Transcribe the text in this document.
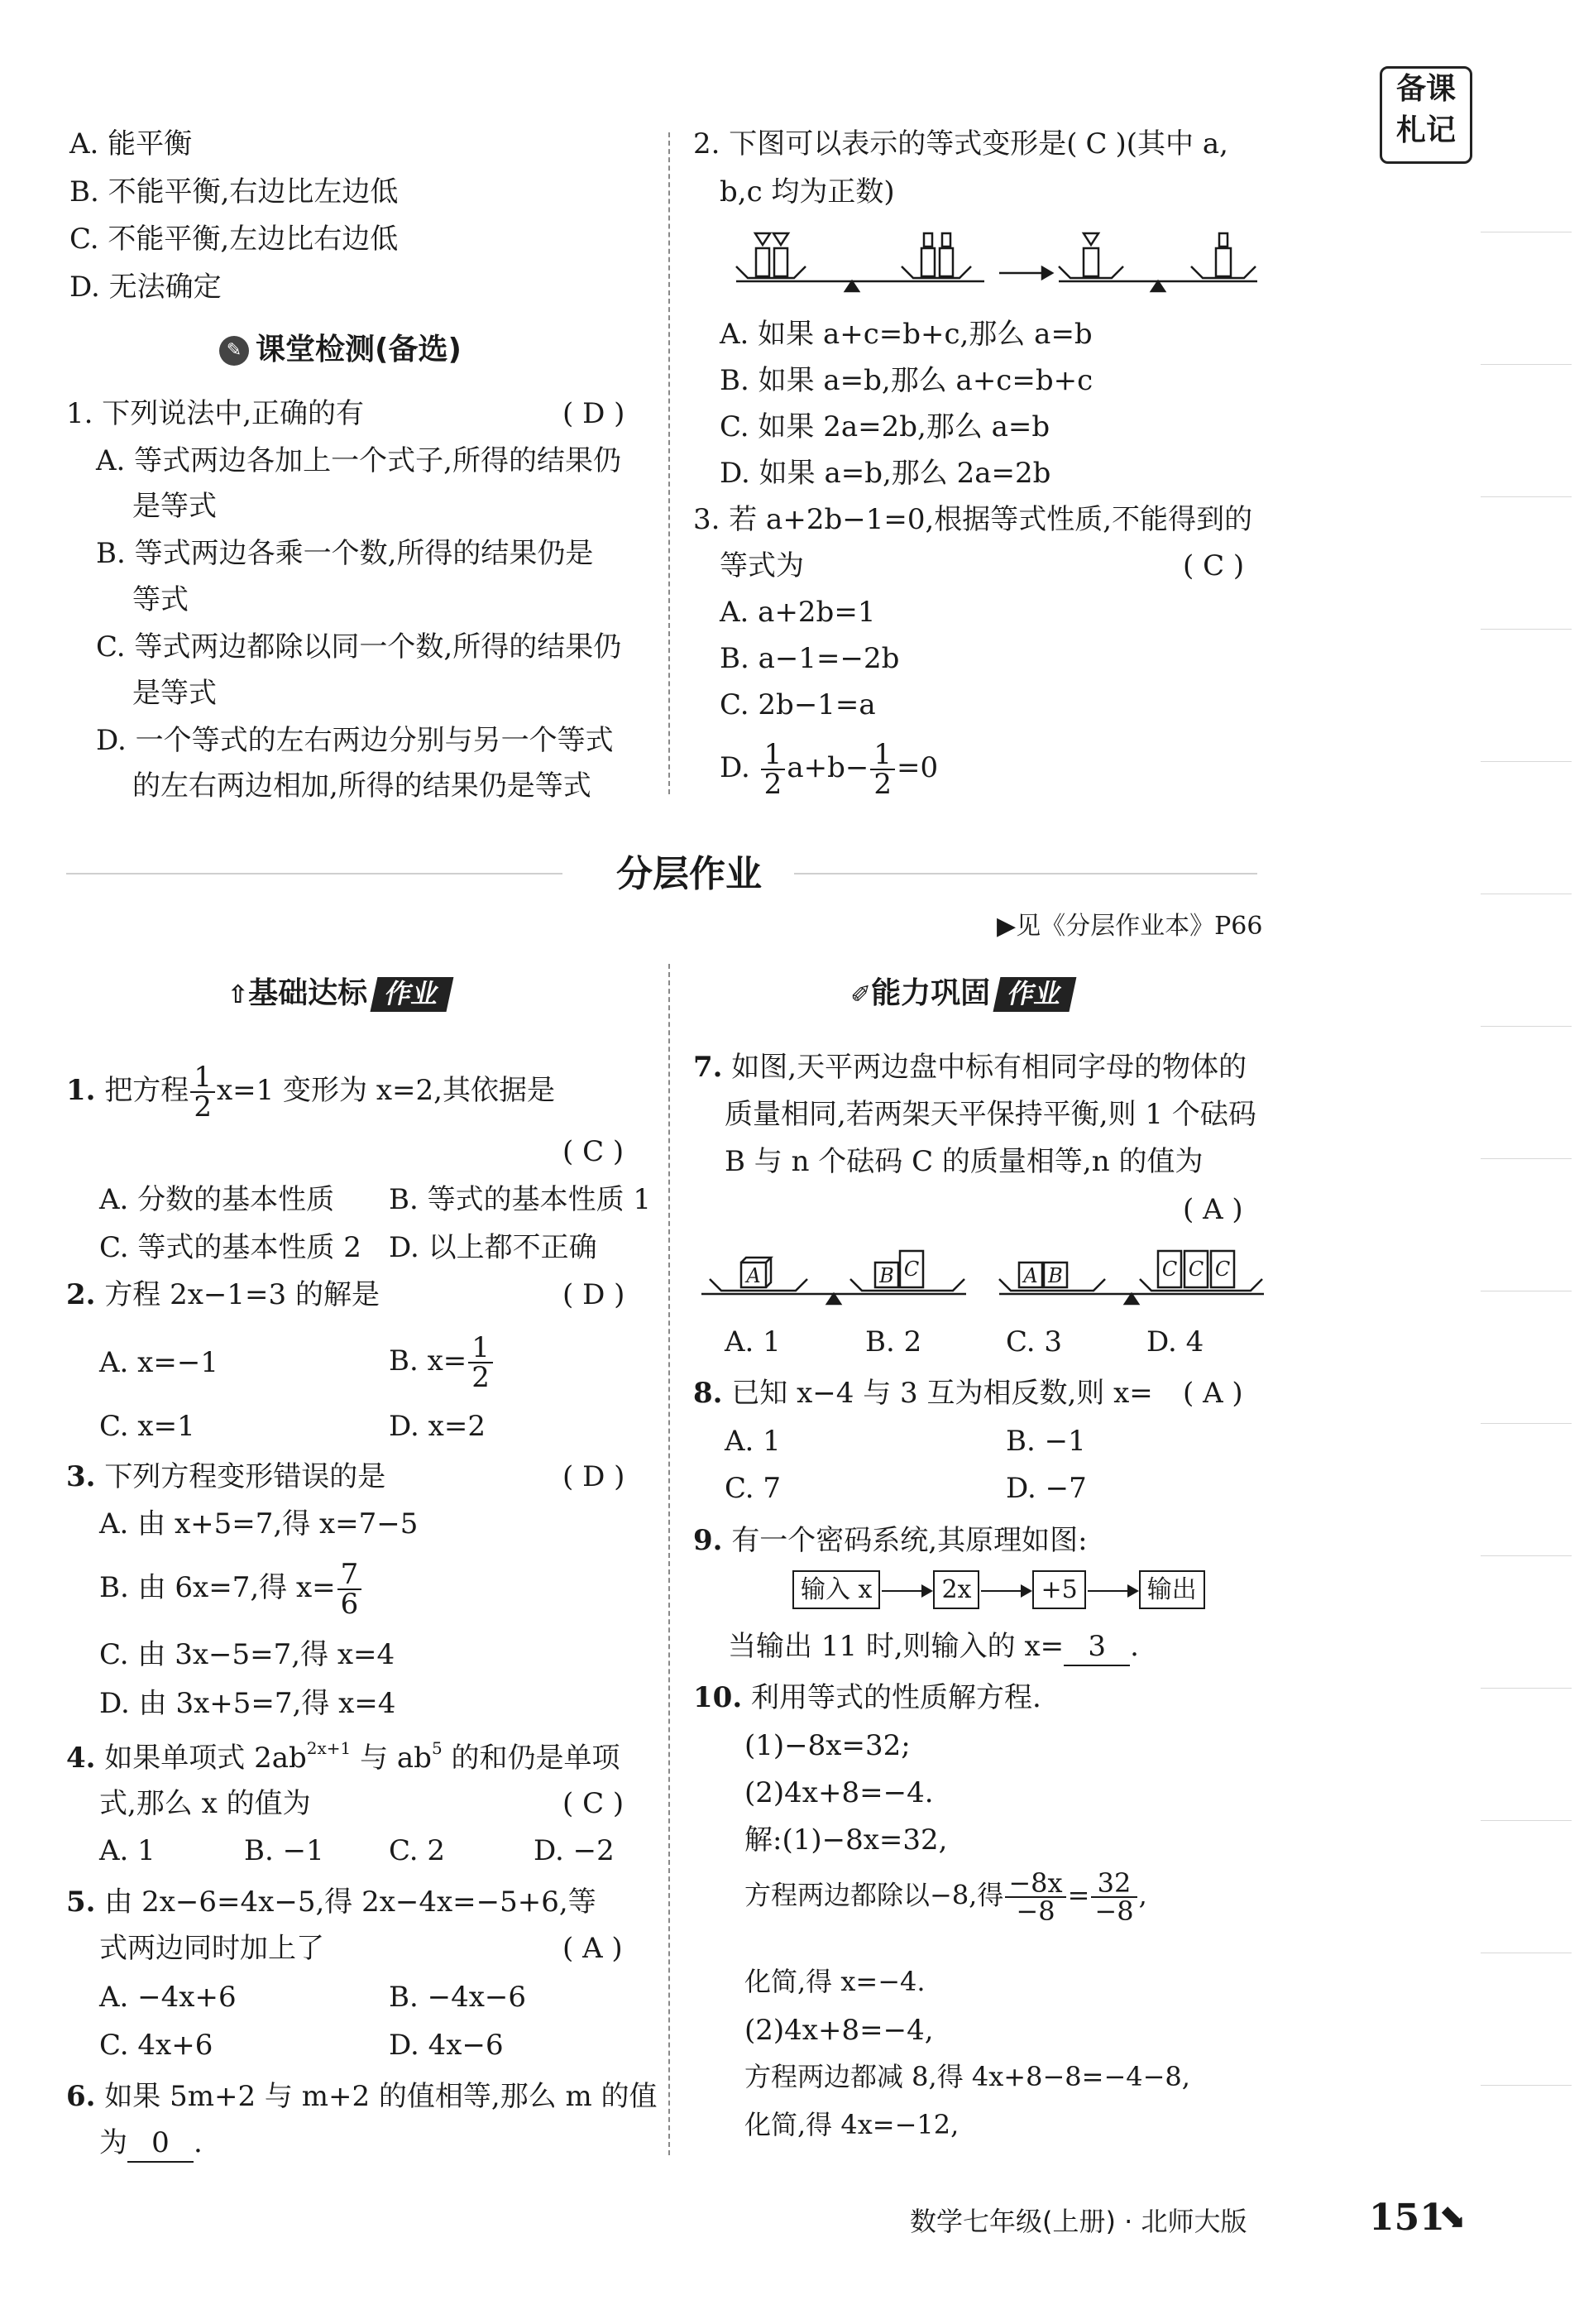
备课
札记
A. 能平衡
B. 不能平衡,右边比左边低
C. 不能平衡,左边比右边低
D. 无法确定
✎ 课堂检测(备选)
1. 下列说法中,正确的有	( D )
A. 等式两边各加上一个式子,所得的结果仍
是等式
B. 等式两边各乘一个数,所得的结果仍是
等式
C. 等式两边都除以同一个数,所得的结果仍
是等式
D. 一个等式的左右两边分别与另一个等式
的左右两边相加,所得的结果仍是等式
2. 下图可以表示的等式变形是( C )(其中 a,
b,c 均为正数)
A. 如果 a+c=b+c,那么 a=b
B. 如果 a=b,那么 a+c=b+c
C. 如果 2a=2b,那么 a=b
D. 如果 a=b,那么 2a=2b
3. 若 a+2b−1=0,根据等式性质,不能得到的
等式为	( C )
A. a+2b=1
B. a−1=−2b
C. 2b−1=a
D. $\frac{1}{2} a+b- \frac{1}{2} =0$
分层作业
▶见《分层作业本》P66
⇧基础达标 作业
1. 把方程 $\frac{1}{2} x=1$ 变形为 x=2,其依据是
( C )
A. 分数的基本性质 B. 等式的基本性质 1
C. 等式的基本性质 2 D. 以上都不正确
2. 方程 2x−1=3 的解是	( D )
A. x=−1	B. $x= \frac{1}{2}$
C. x=1	D. x=2
3. 下列方程变形错误的是	( D )
A. 由 x+5=7,得 x=7−5
B. 由 6x=7,得 $x= \frac{7}{6}$
C. 由 3x−5=7,得 x=4
D. 由 3x+5=7,得 x=4
4. 如果单项式 $2ab^{2x+1}$ 与 $ab^5$ 的和仍是单项
式,那么 x 的值为	( C )
A. 1	B. −1 C. 2	D. −2
5. 由 2x−6=4x−5,得 2x−4x=−5+6,等
式两边同时加上了	( A )
A. −4x+6	B. −4x−6
C. 4x+6	D. 4x−6
6. 如果 5m+2 与 m+2 的值相等,那么 m 的值
为 0 .
✐能力巩固 作业
7. 如图,天平两边盘中标有相同字母的物体的
质量相同,若两架天平保持平衡,则 1 个砝码
B 与 n 个砝码 C 的质量相等,n 的值为
( A )
A	B C	A B	C C C
A. 1	B. 2	C. 3	D. 4
8. 已知 x−4 与 3 互为相反数,则 x= ( A )
A. 1	B. −1
C. 7	D. −7
9. 有一个密码系统,其原理如图:
输入 x	2x	+5	输出
当输出 11 时,则输入的 x= 3 .
10. 利用等式的性质解方程.
(1)−8x=32;
(2)4x+8=−4.
解:(1)−8x=32,
方程两边都除以−8,得 $\frac{-8x}{-8} = \frac{32}{-8}$ ,
化简,得 x=−4.
(2)4x+8=−4,
方程两边都减 8,得 4x+8−8=−4−8,
化简,得 4x=−12,
数学七年级(上册) · 北师大版	151
⬊
